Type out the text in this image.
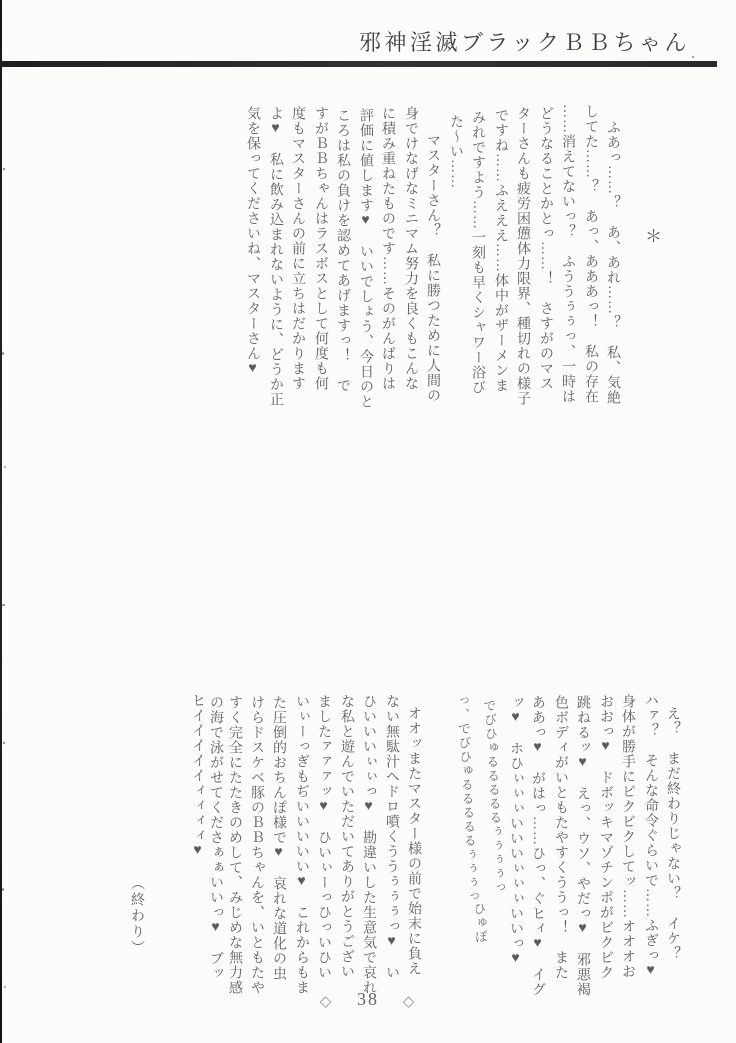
邪神淫滅ブラックＢＢちゃん
＊
ふあっ……？　あ、あれ……？　私、気絶
してた……？　あっ、あああっ！　私の存在
……消えてないっ？　ふううぅぅっ、一時は
どうなることかとっ……！　さすがのマス
ターさんも疲労困憊体力限界、種切れの様子
ですね……ふえええ……体中がザーメンま
みれですよう……一刻も早くシャワー浴び
た～い……
マスターさん？　私に勝つために人間の
身でけなげなミニマム努力を良くもこんな
に積み重ねたものです……そのがんばりは
評価に値します♥　いいでしょう、今日のと
ころは私の負けを認めてあげますっ！　で
すがＢＢちゃんはラスボスとして何度も何
度もマスターさんの前に立ちはだかります
よ♥　私に飲み込まれないように、どうか正
気を保ってくださいね、マスターさん♥
え？　まだ終わりじゃない？　イケ？
ハァ？　そんな命令ぐらいで……ふぎっ♥
身体が勝手にビクビクしてッ……オオオお
おおっ♥　ドボッキマゾチンポがビクビク
跳ねるッ♥　えっ、ウソ、やだっ♥　邪悪褐
色ボディがいともたやすくううっ！　また
ああっ♥　がはっ……ひっ、ぐヒィ♥　イグ
ッ♥　ホひぃぃぃいいいぃぃぃいいっ♥
でびひゅるるるるるぅぅぅぅっ
っ、でびひゅるるるるるぅぅぅっ
ひゅぽ
オオッまたマスター様の前で始末に負え
ない無駄汁へドロ噴くううぅぅぅっ♥　い
ひいいいぃぃっ♥　勘違いした生意気で哀れ
な私と遊んでいただいてありがとうござい
ましたァァァッ♥　ひいぃーっひっいひい
いぃーっぎもぢいいいいい♥　これからもま
た圧倒的おちんぽ様で♥　哀れな道化の虫
けらドスケベ豚のＢＢちゃんを、いともたや
すく完全にたたきのめして、みじめな無力感
の海で泳がせてくださぁぁいいっ♥　ブッ
ヒイイイイイィィィィ♥
（終わり）
◇ 38 ◇
